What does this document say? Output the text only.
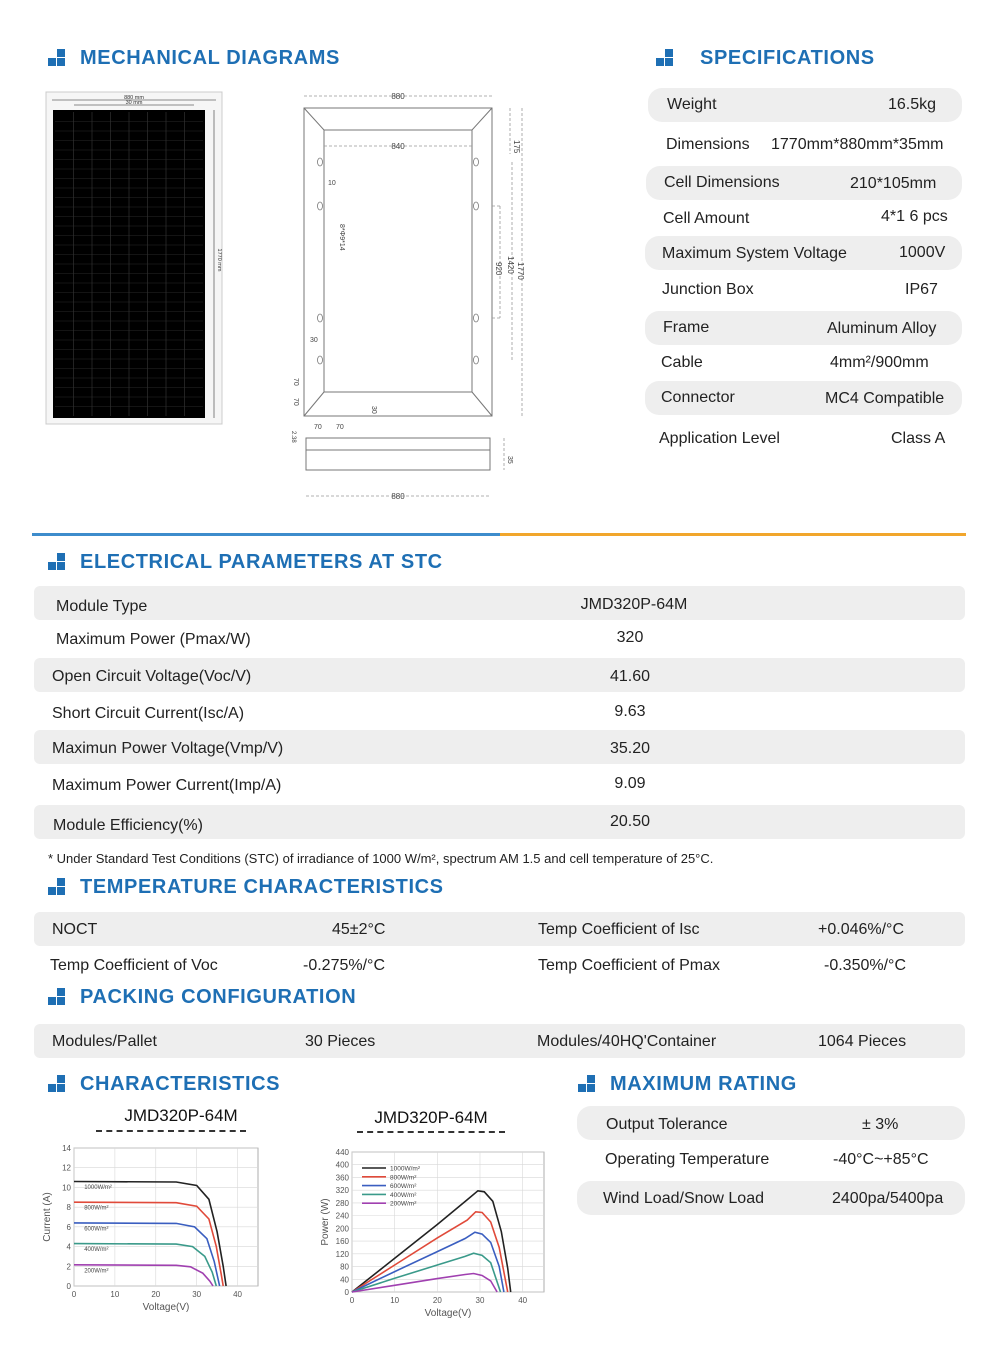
MECHANICAL DIAGRAMS	SPECIFICATIONS
880 mm
30 mm
1770 mm
880
840	175
920 1420 1770
10
8*Φ9*14
30
70
70
70 70
30
35
880
2.38
Weight	16.5kg
Dimensions 1770mm*880mm*35mm
Cell Dimensions	210*105mm
Cell Amount	4*1 6 pcs
Maximum System Voltage	1000V
Junction Box	IP67
Frame	Aluminum Alloy
Cable	4mm²/900mm
Connector	MC4 Compatible
Application Level	Class A
ELECTRICAL PARAMETERS AT STC
Module Type	JMD320P-64M
Maximum Power (Pmax/W)	320
Open Circuit Voltage(Voc/V)	41.60
Short Circuit Current(Isc/A)	9.63
Maximun Power Voltage(Vmp/V)	35.20
Maximum Power Current(Imp/A)	9.09
Module Efficiency(%)	20.50
* Under Standard Test Conditions (STC) of irradiance of 1000 W/m², spectrum AM 1.5 and cell temperature of 25°C.
TEMPERATURE CHARACTERISTICS
NOCT	45±2°C	Temp Coefficient of Isc	+0.046%/°C
Temp Coefficient of Voc	-0.275%/°C	Temp Coefficient of Pmax	-0.350%/°C
PACKING CONFIGURATION
Modules/Pallet	30 Pieces	Modules/40HQ'Container	1064 Pieces
CHARACTERISTICS
JMD320P-64M	JMD320P-64M
0
2
4
6
8
10
12
14
0	10	20	30	40
Voltage(V)
Current (A)
1000W/m²
800W/m²
600W/m²
400W/m²
200W/m²
0
40
80
120
160
200
240
280
320
360
400
440
0	10	20	30	40
Voltage(V)
Power (W)
1000W/m²
800W/m²
600W/m²
400W/m²
200W/m²
MAXIMUM RATING
Output Tolerance	± 3%
Operating Temperature	-40°C~+85°C
Wind Load/Snow Load	2400pa/5400pa
